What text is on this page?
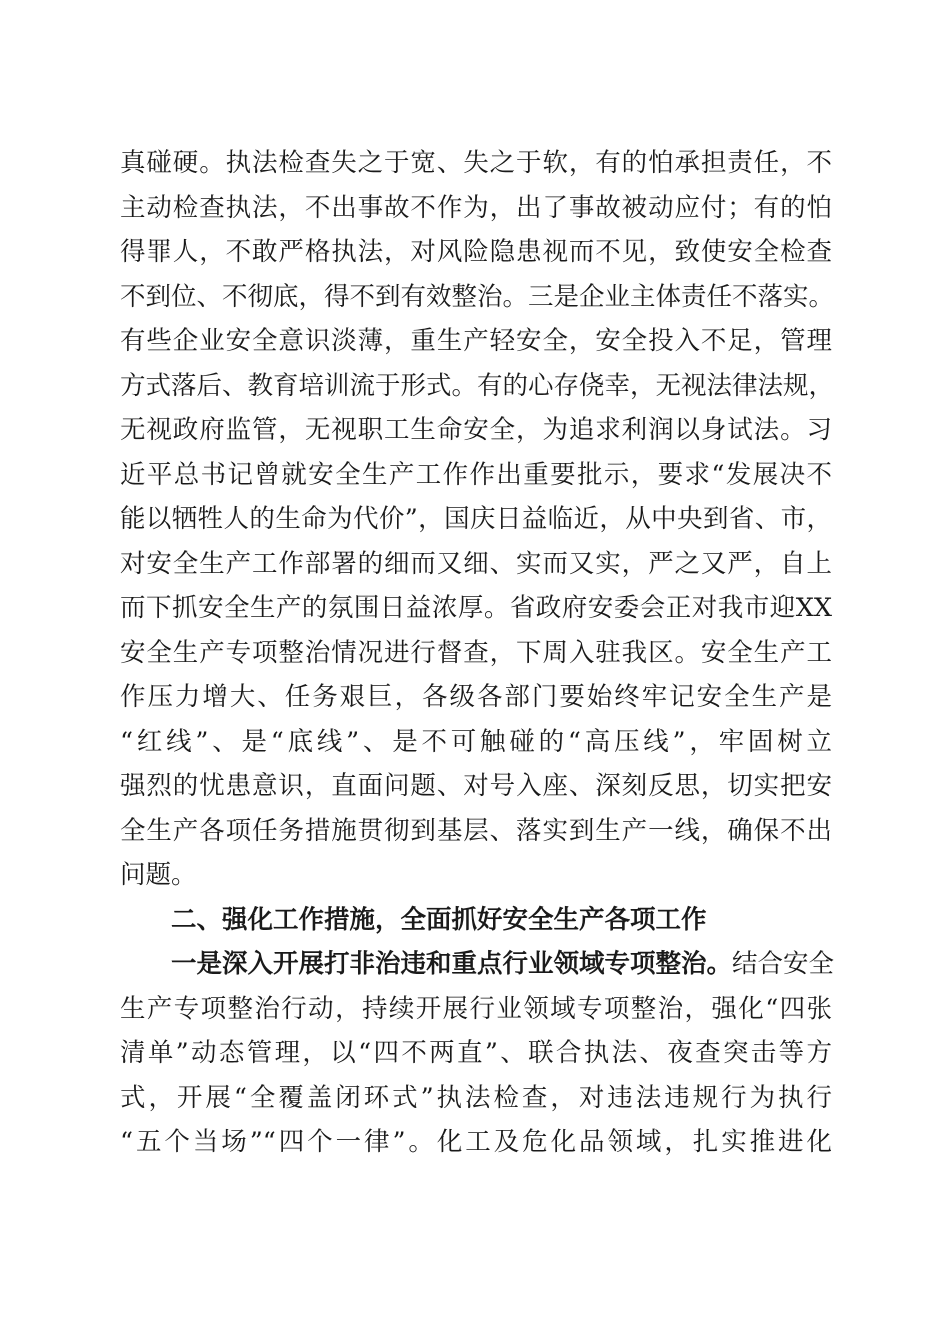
真碰硬。执法检查失之于宽、失之于软，有的怕承担责任，不
主动检查执法，不出事故不作为，出了事故被动应付；有的怕
得罪人，不敢严格执法，对风险隐患视而不见，致使安全检查
不到位、不彻底，得不到有效整治。三是企业主体责任不落实。
有些企业安全意识淡薄，重生产轻安全，安全投入不足，管理
方式落后、教育培训流于形式。有的心存侥幸，无视法律法规，
无视政府监管，无视职工生命安全，为追求利润以身试法。习
近平总书记曾就安全生产工作作出重要批示，要求“发展决不
能以牺牲人的生命为代价”，国庆日益临近，从中央到省、市，
对安全生产工作部署的细而又细、实而又实，严之又严，自上
而下抓安全生产的氛围日益浓厚。省政府安委会正对我市迎XX
安全生产专项整治情况进行督查，下周入驻我区。安全生产工
作压力增大、任务艰巨，各级各部门要始终牢记安全生产是
“红线”、是“底线”、是不可触碰的“高压线”，牢固树立
强烈的忧患意识，直面问题、对号入座、深刻反思，切实把安
全生产各项任务措施贯彻到基层、落实到生产一线，确保不出
问题。
二、强化工作措施，全面抓好安全生产各项工作
一是深入开展打非治违和重点行业领域专项整治。结合安全
生产专项整治行动，持续开展行业领域专项整治，强化“四张
清单”动态管理，以“四不两直”、联合执法、夜查突击等方
式，开展“全覆盖闭环式”执法检查，对违法违规行为执行
“五个当场”“四个一律”。化工及危化品领域，扎实推进化
